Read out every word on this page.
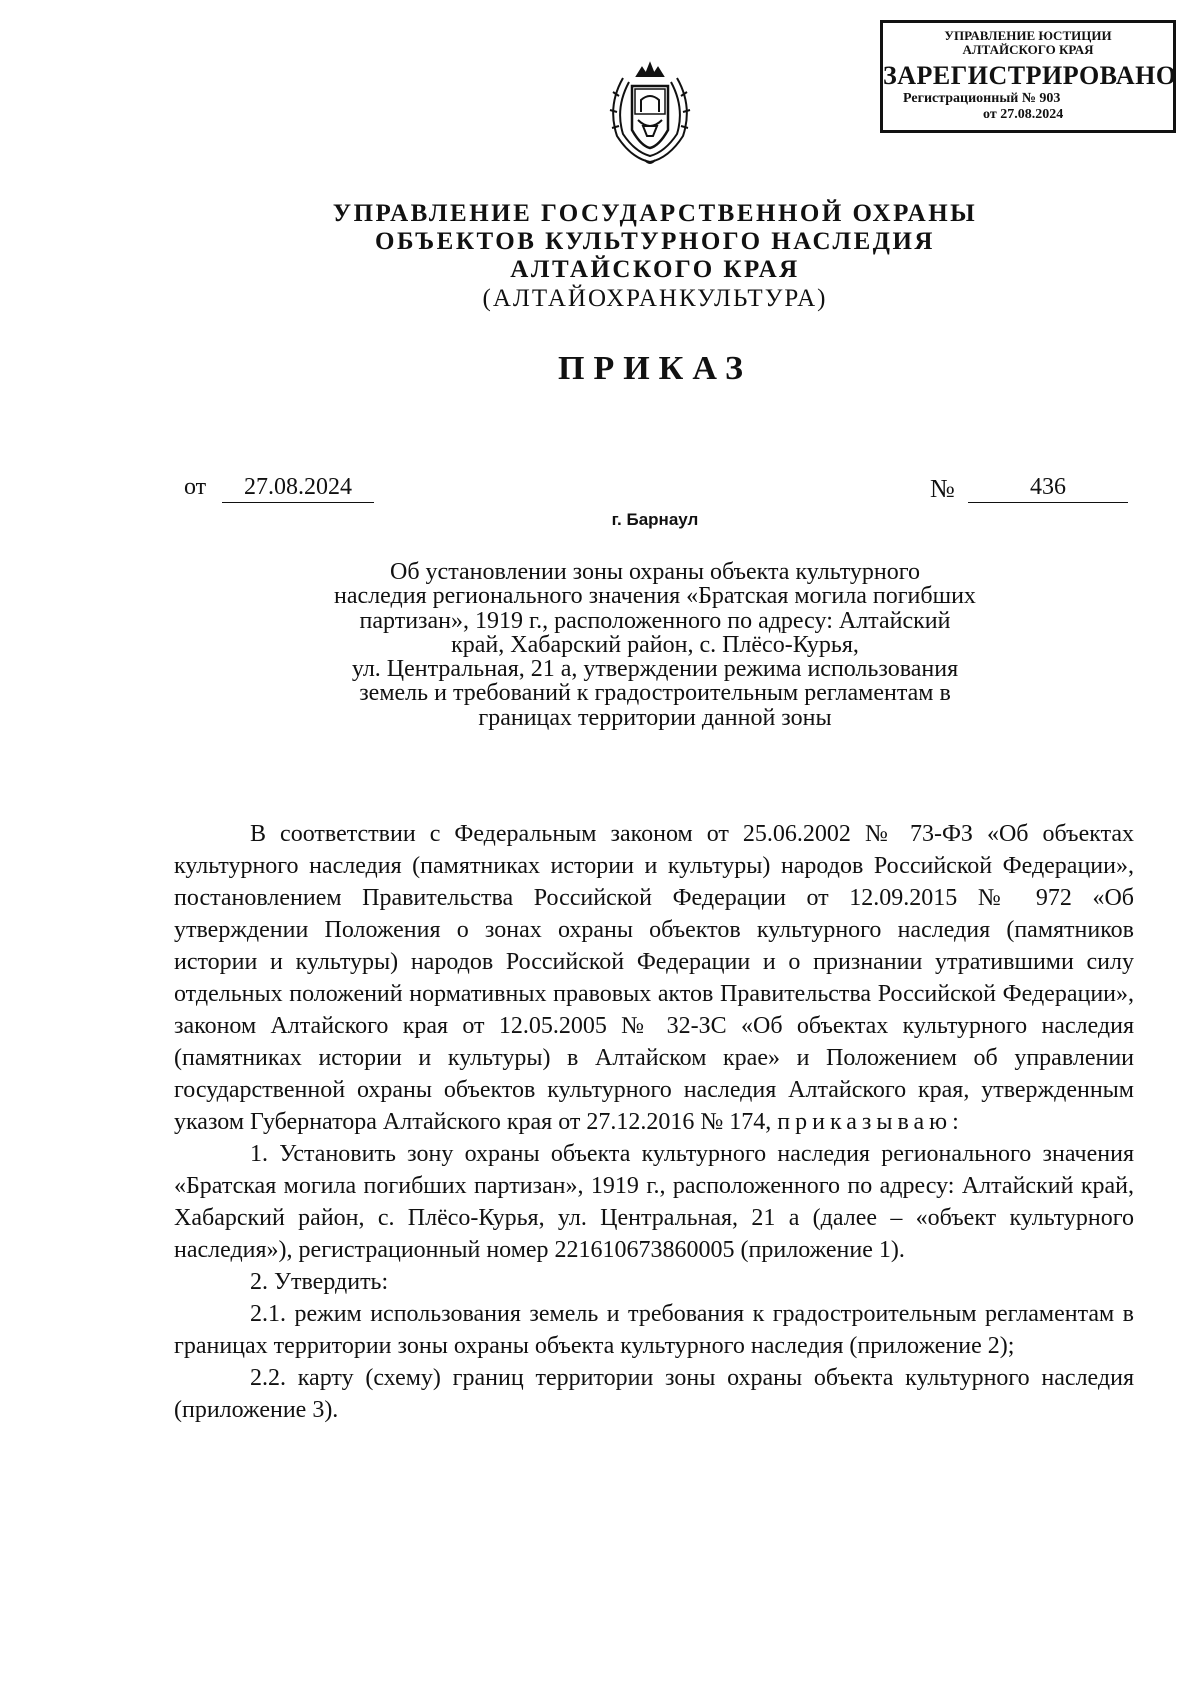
УПРАВЛЕНИЕ ЮСТИЦИИ
АЛТАЙСКОГО КРАЯ
ЗАРЕГИСТРИРОВАНО
Регистрационный № 903
от 27.08.2024
УПРАВЛЕНИЕ ГОСУДАРСТВЕННОЙ ОХРАНЫ
ОБЪЕКТОВ КУЛЬТУРНОГО НАСЛЕДИЯ
АЛТАЙСКОГО КРАЯ
(АЛТАЙОХРАНКУЛЬТУРА)
ПРИКАЗ
от	27.08.2024	№	436
г. Барнаул
Об установлении зоны охраны объекта культурного
наследия регионального значения «Братская могила погибших
партизан», 1919 г., расположенного по адресу: Алтайский
край, Хабарский район, с. Плёсо-Курья,
ул. Центральная, 21 а, утверждении режима использования
земель и требований к градостроительным регламентам в
границах территории данной зоны

В соответствии с Федеральным законом от 25.06.2002 № 73-ФЗ «Об объектах культурного наследия (памятниках истории и культуры) народов Российской Федерации», постановлением Правительства Российской Федерации от 12.09.2015 № 972 «Об утверждении Положения о зонах охраны объектов культурного наследия (памятников истории и культуры) народов Российской Федерации и о признании утратившими силу отдельных положений нормативных правовых актов Правительства Российской Федерации», законом Алтайского края от 12.05.2005 № 32-ЗС «Об объектах культурного наследия (памятниках истории и культуры) в Алтайском крае» и Положением об управлении государственной охраны объектов культурного наследия Алтайского края, утвержденным указом Губернатора Алтайского края от 27.12.2016 № 174, приказываю:

1. Установить зону охраны объекта культурного наследия регионального значения «Братская могила погибших партизан», 1919 г., расположенного по адресу: Алтайский край, Хабарский район, с. Плёсо-Курья, ул. Центральная, 21 а (далее – «объект культурного наследия»), регистрационный номер 221610673860005 (приложение 1).

2. Утвердить:

2.1. режим использования земель и требования к градостроительным регламентам в границах территории зоны охраны объекта культурного наследия (приложение 2);

2.2. карту (схему) границ территории зоны охраны объекта культурного наследия (приложение 3).
